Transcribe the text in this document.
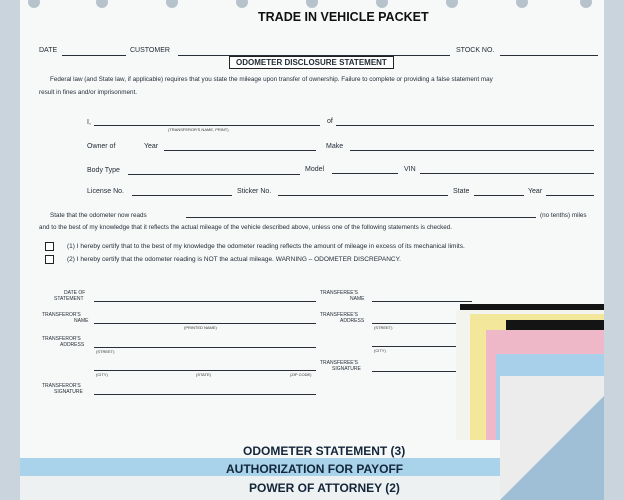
TRADE IN VEHICLE PACKET
DATE	CUSTOMER	STOCK NO.
ODOMETER DISCLOSURE STATEMENT
Federal law (and State law, if applicable) requires that you state the mileage upon transfer of ownership. Failure to complete or providing a false statement may
result in fines and/or imprisonment.
I,
(TRANSFEROR'S NAME, PRINT)
of
Owner of	Year	Make
Body Type	Model	VIN
License No.	Sticker No.	State	Year
State that the odometer now reads	(no tenths) miles
and to the best of my knowledge that it reflects the actual mileage of the vehicle described above, unless one of the following statements is checked.
(1) I hereby certify that to the best of my knowledge the odometer reading reflects the amount of mileage in excess of its mechanical limits.
(2) I hereby certify that the odometer reading is NOT the actual mileage. WARNING – ODOMETER DISCREPANCY.
DATE OF
STATEMENT
TRANSFEROR'S
NAME
(PRINTED NAME)
TRANSFEROR'S
ADDRESS
(STREET)
(CITY)	(STATE)	(ZIP CODE)
TRANSFEROR'S
SIGNATURE
TRANSFEREE'S
NAME
TRANSFEREE'S
ADDRESS
(STREET)
(CITY)
TRANSFEREE'S
SIGNATURE
ODOMETER STATEMENT (3)
AUTHORIZATION FOR PAYOFF
POWER OF ATTORNEY (2)
